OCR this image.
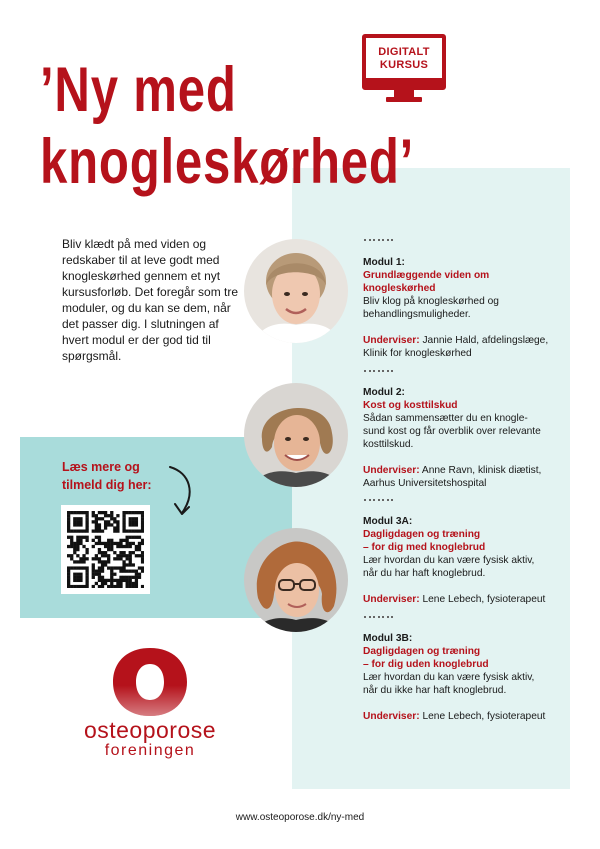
’Ny med
knogleskørhed’
DIGITALT
KURSUS

Bliv klædt på med viden og redskaber til at leve godt med knogleskørhed gennem et nyt kursusforløb. Det foregår som tre moduler, og du kan se dem, når det passer dig. I slutningen af hvert modul er der god tid til spørgsmål.

Læs mere og
tilmeld dig her:
Modul 1:
Grundlæggende viden om
knogleskørhed
Bliv klog på knogleskørhed og
behandlingsmuligheder.
Underviser: Jannie Hald, afdelingslæge,
Klinik for knogleskørhed
Modul 2:
Kost og kosttilskud
Sådan sammensætter du en knogle-
sund kost og får overblik over relevante
kosttilskud.
Underviser: Anne Ravn, klinisk diætist,
Aarhus Universitetshospital
Modul 3A:
Dagligdagen og træning
– for dig med knoglebrud
Lær hvordan du kan være fysisk aktiv,
når du har haft knoglebrud.
Underviser: Lene Lebech, fysioterapeut
Modul 3B:
Dagligdagen og træning
– for dig uden knoglebrud
Lær hvordan du kan være fysisk aktiv,
når du ikke har haft knoglebrud.
Underviser: Lene Lebech, fysioterapeut
osteoporose
foreningen
www.osteoporose.dk/ny-med
